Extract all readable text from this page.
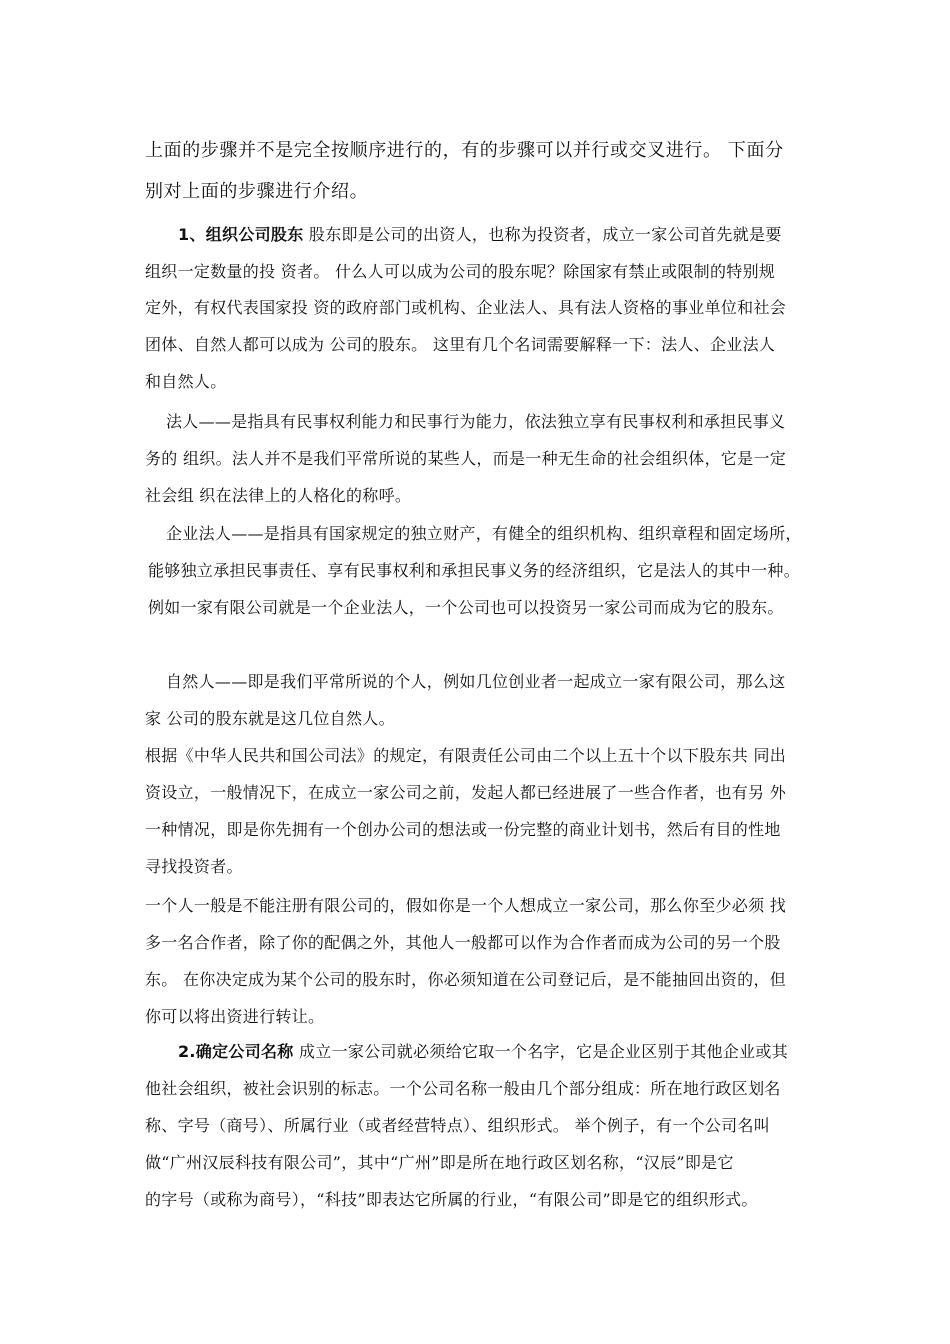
上面的步骤并不是完全按顺序进行的，有的步骤可以并行或交叉进行。 下面分
别对上面的步骤进行介绍。
1、组织公司股东 股东即是公司的出资人，也称为投资者，成立一家公司首先就是要
组织一定数量的投 资者。 什么人可以成为公司的股东呢？除国家有禁止或限制的特别规
定外，有权代表国家投 资的政府部门或机构、企业法人、具有法人资格的事业单位和社会
团体、自然人都可以成为 公司的股东。 这里有几个名词需要解释一下：法人、企业法人
和自然人。
法人——是指具有民事权利能力和民事行为能力，依法独立享有民事权利和承担民事义
务的 组织。法人并不是我们平常所说的某些人，而是一种无生命的社会组织体，它是一定
社会组 织在法律上的人格化的称呼。
企业法人——是指具有国家规定的独立财产，有健全的组织机构、组织章程和固定场所，
能够独立承担民事责任、享有民事权利和承担民事义务的经济组织，它是法人的其中一种。
例如一家有限公司就是一个企业法人，一个公司也可以投资另一家公司而成为它的股东。
自然人——即是我们平常所说的个人，例如几位创业者一起成立一家有限公司，那么这
家 公司的股东就是这几位自然人。
根据《中华人民共和国公司法》的规定，有限责任公司由二个以上五十个以下股东共 同出
资设立，一般情况下，在成立一家公司之前，发起人都已经进展了一些合作者，也有另 外
一种情况，即是你先拥有一个创办公司的想法或一份完整的商业计划书，然后有目的性地
寻找投资者。
一个人一般是不能注册有限公司的，假如你是一个人想成立一家公司，那么你至少必须 找
多一名合作者，除了你的配偶之外，其他人一般都可以作为合作者而成为公司的另一个股
东。 在你决定成为某个公司的股东时，你必须知道在公司登记后，是不能抽回出资的，但
你可以将出资进行转让。
2.确定公司名称 成立一家公司就必须给它取一个名字，它是企业区别于其他企业或其
他社会组织，被社会识别的标志。一个公司名称一般由几个部分组成：所在地行政区划名
称、字号（商号）、所属行业（或者经营特点）、组织形式。 举个例子，有一个公司名叫
做“广州汉辰科技有限公司”，其中“广州”即是所在地行政区划名称，“汉辰”即是它
的字号（或称为商号），“科技”即表达它所属的行业，“有限公司”即是它的组织形式。
